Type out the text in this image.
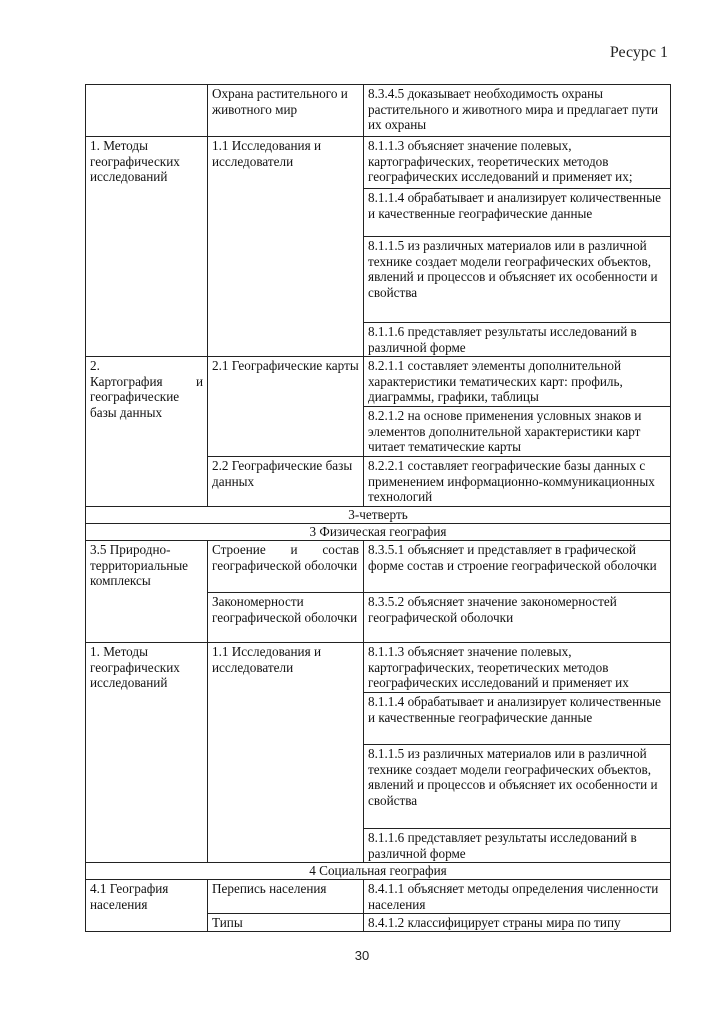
Ресурс 1
	Охрана растительного и животного мир	8.3.4.5 доказывает необходимость охраны растительного и животного мира и предлагает пути их охраны
1. Методы географических исследований	1.1 Исследования и исследователи	8.1.1.3 объясняет значение полевых, картографических, теоретических методов географических исследований и применяет их;
		8.1.1.4 обрабатывает и анализирует количественные и качественные географические данные
		8.1.1.5 из различных материалов или в различной технике создает модели географических объектов, явлений и процессов и объясняет их особенности и свойства
		8.1.1.6 представляет результаты исследований в различной форме

2.
Картография и
географические базы данных	2.1 Географические карты	8.2.1.1 составляет элементы дополнительной характеристики тематических карт: профиль, диаграммы, графики, таблицы
		8.2.1.2 на основе применения условных знаков и элементов дополнительной характеристики карт читает тематические карты
	2.2 Географические базы данных	8.2.2.1 составляет географические базы данных с применением информационно-коммуникационных технологий
3-четверть		
3 Физическая география		
3.5 Природно-территориальные комплексы	Строение и состав
географической оболочки	8.3.5.1 объясняет и представляет в графической форме состав и строение географической оболочки
	Закономерности географической оболочки	8.3.5.2 объясняет значение закономерностей географической оболочки
1. Методы географических исследований	1.1 Исследования и исследователи	8.1.1.3 объясняет значение полевых, картографических, теоретических методов географических исследований и применяет их
		8.1.1.4 обрабатывает и анализирует количественные и качественные географические данные
		8.1.1.5 из различных материалов или в различной технике создает модели географических объектов, явлений и процессов и объясняет их особенности и свойства
		8.1.1.6 представляет результаты исследований в различной форме
4 Социальная география		
4.1 География населения	Перепись населения	8.4.1.1 объясняет методы определения численности населения
	Типы	8.4.1.2 классифицирует страны мира по типу
30
